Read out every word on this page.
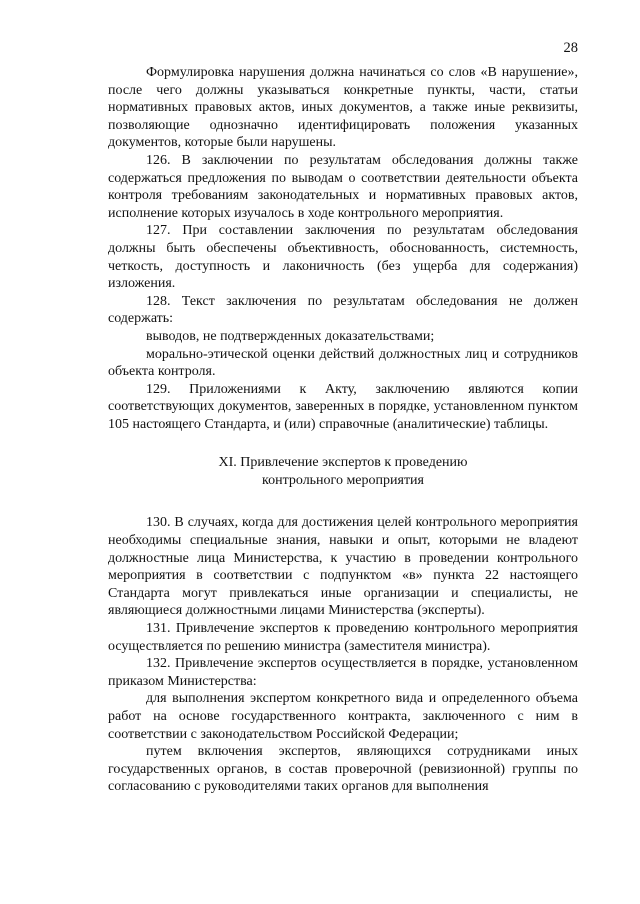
28

Формулировка нарушения должна начинаться со слов «В нарушение», после чего должны указываться конкретные пункты, части, статьи нормативных правовых актов, иных документов, а также иные реквизиты, позволяющие однозначно идентифицировать положения указанных документов, которые были нарушены.

126. В заключении по результатам обследования должны также содержаться предложения по выводам о соответствии деятельности объекта контроля требованиям законодательных и нормативных правовых актов, исполнение которых изучалось в ходе контрольного мероприятия.

127. При составлении заключения по результатам обследования должны быть обеспечены объективность, обоснованность, системность, четкость, доступность и лаконичность (без ущерба для содержания) изложения.

128. Текст заключения по результатам обследования не должен содержать:

выводов, не подтвержденных доказательствами;

морально-этической оценки действий должностных лиц и сотрудников объекта контроля.

129. Приложениями к Акту, заключению являются копии соответствующих документов, заверенных в порядке, установленном пунктом 105 настоящего Стандарта, и (или) справочные (аналитические) таблицы.

XI. Привлечение экспертов к проведению

контрольного мероприятия

130. В случаях, когда для достижения целей контрольного мероприятия необходимы специальные знания, навыки и опыт, которыми не владеют должностные лица Министерства, к участию в проведении контрольного мероприятия в соответствии с подпунктом «в» пункта 22 настоящего Стандарта могут привлекаться иные организации и специалисты, не являющиеся должностными лицами Министерства (эксперты).

131. Привлечение экспертов к проведению контрольного мероприятия осуществляется по решению министра (заместителя министра).

132. Привлечение экспертов осуществляется в порядке, установленном приказом Министерства:

для выполнения экспертом конкретного вида и определенного объема работ на основе государственного контракта, заключенного с ним в соответствии с законодательством Российской Федерации;

путем включения экспертов, являющихся сотрудниками иных государственных органов, в состав проверочной (ревизионной) группы по согласованию с руководителями таких органов для выполнения
